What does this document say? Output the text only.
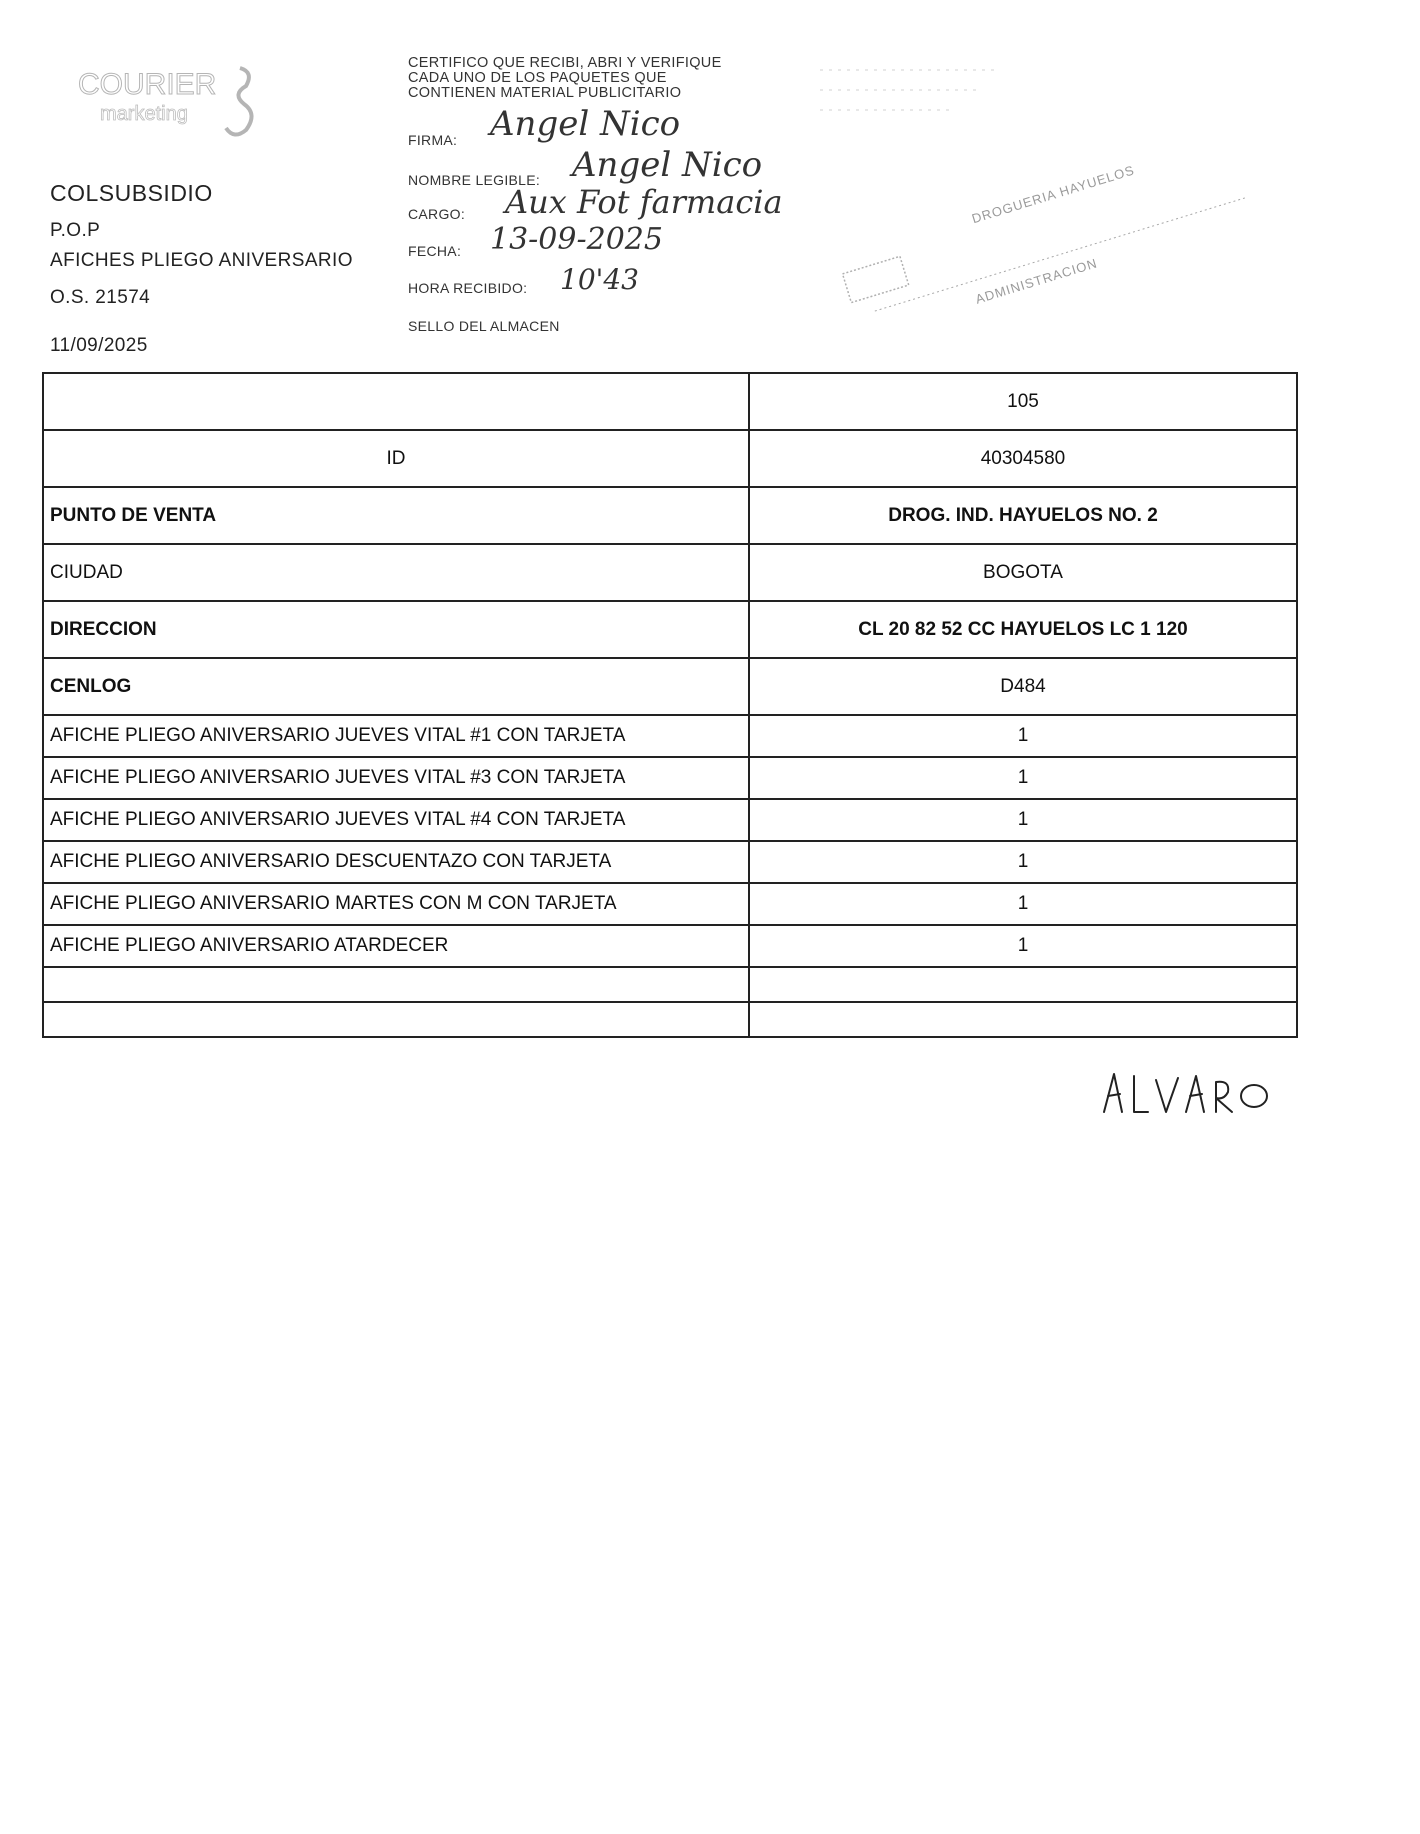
COURIER
marketing
COLSUBSIDIO
P.O.P
AFICHES PLIEGO ANIVERSARIO
O.S. 21574
11/09/2025
CERTIFICO QUE RECIBI, ABRI Y VERIFIQUE
CADA UNO DE LOS PAQUETES QUE
CONTIENEN MATERIAL PUBLICITARIO
FIRMA: Angel Nico
NOMBRE LEGIBLE: Angel Nico
CARGO: Aux Fot farmacia
FECHA: 13-09-2025
HORA RECIBIDO: 10'43
SELLO DEL ALMACEN
DROGUERIA HAYUELOS
ADMINISTRACION
	105
ID	40304580
PUNTO DE VENTA	DROG. IND. HAYUELOS NO. 2
CIUDAD	BOGOTA
DIRECCION	CL 20 82 52 CC HAYUELOS LC 1 120
CENLOG	D484
AFICHE PLIEGO ANIVERSARIO JUEVES VITAL #1 CON TARJETA	1
AFICHE PLIEGO ANIVERSARIO JUEVES VITAL #3 CON TARJETA	1
AFICHE PLIEGO ANIVERSARIO JUEVES VITAL #4 CON TARJETA	1
AFICHE PLIEGO ANIVERSARIO DESCUENTAZO CON TARJETA	1
AFICHE PLIEGO ANIVERSARIO MARTES CON M CON TARJETA	1
AFICHE PLIEGO ANIVERSARIO ATARDECER	1
